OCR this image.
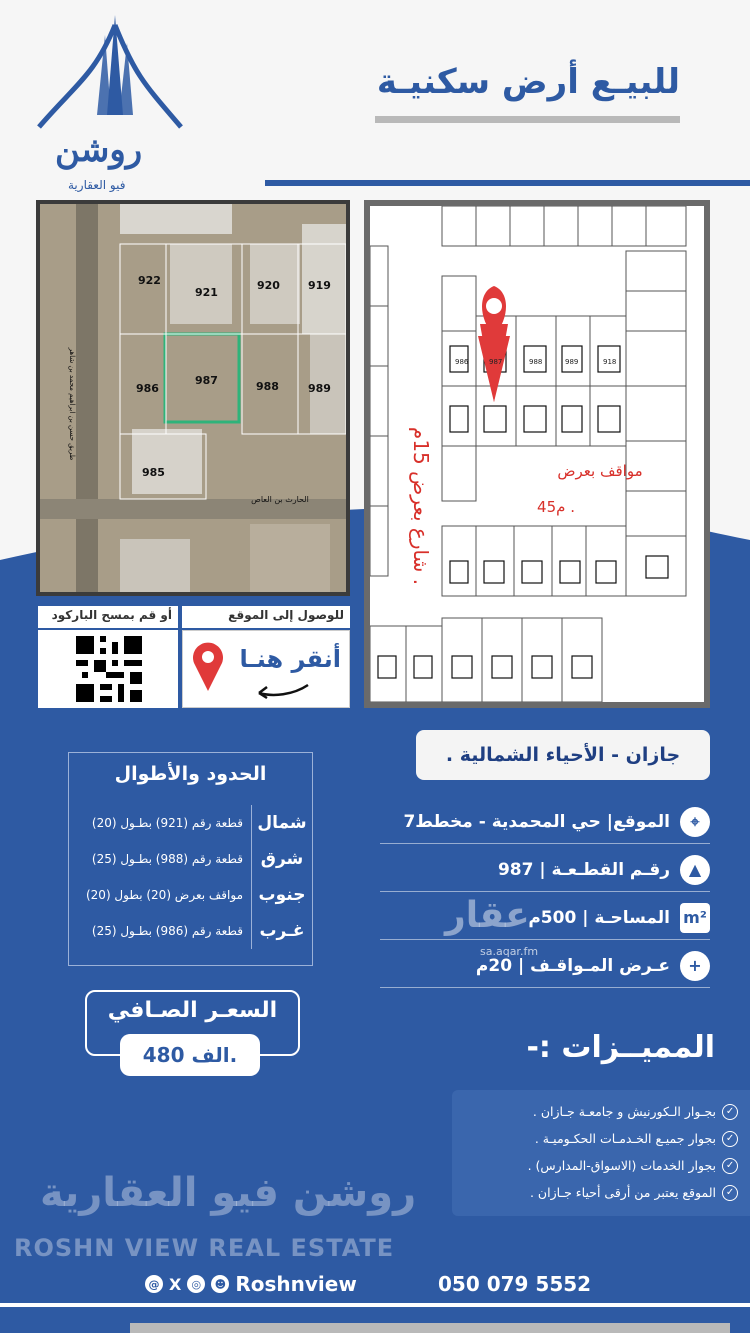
روشن
فيو العقارية
للبيـع أرض سكنيـة
922
921
920	919
986
987	988	989
985
الحارث بن العاص
طريق حسن بن ابراهيم محمد بن شاهر
مواقف بعرض
45م .
شارع بعرض 15م .
986	987	988	989	918
للوصول إلى الموقع
أو قم بمسح الباركود
أنقر هنـا
جازان - الأحياء الشمالية .
⌖
الموقع| حي المحمدية - مخطط7
▲
رقـم القطـعـة | 987
m²
المساحـة | 500م
+
عـرض المـواقـف | 20م
عقار
sa.aqar.fm
الحدود والأطوال
شمال
قطعة رقم (921) بطـول (20)
شرق
قطعة رقم (988) بطـول (25)
جنوب
مواقف بعرض (20) بطول (20)
غـرب
قطعة رقم (986) بطـول (25)
السعـر الصـافي
480 الف.	المميــزات :-
✓
بجـوار الـكورنيش و جامعـة جـازان .
✓
بجوار جميـع الخـدمـات الحكـوميـة .
✓
بجوار الخدمات (الاسواق-المدارس) .
✓
الموقع يعتبر من أرقى أحياء جـازان .
روشن فيو العقارية
ROSHN VIEW REAL ESTATE
@ X ◎	☻ Roshnview	050 079 5552
